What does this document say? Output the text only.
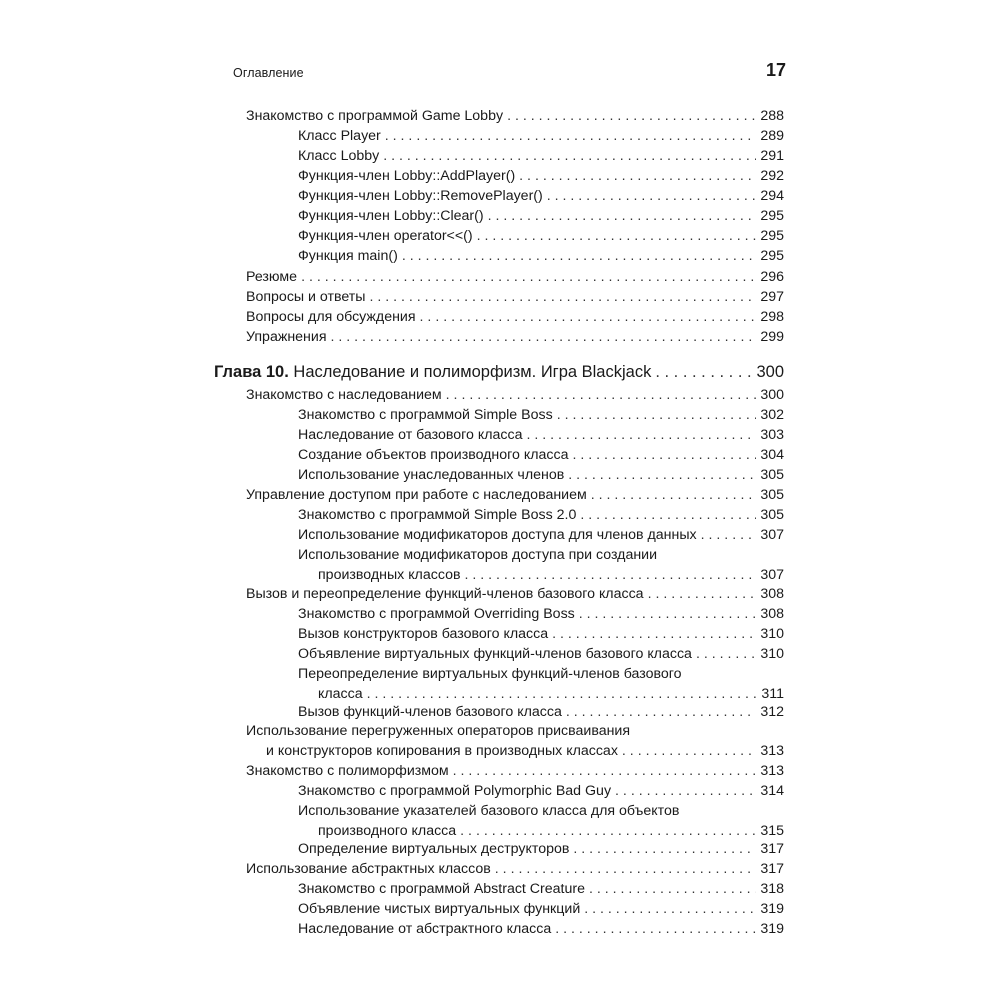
Оглавление	17
Знакомство с программой Game Lobby . . .	288
Класс Player . . .	289
Класс Lobby . . .	291
Функция-член Lobby::AddPlayer() . . .	292
Функция-член Lobby::RemovePlayer() . . .	294
Функция-член Lobby::Clear() . . .	295
Функция-член operator<<() . . .	295
Функция main() . . .	295
Резюме . . .	296
Вопросы и ответы . . .	297
Вопросы для обсуждения . . .	298
Упражнения . . .	299
Глава 10. Наследование и полиморфизм. Игра Blackjack . . .	300
Знакомство с наследованием . . .	300
Знакомство с программой Simple Boss . . .	302
Наследование от базового класса . . .	303
Создание объектов производного класса . . .	304
Использование унаследованных членов . . .	305
Управление доступом при работе с наследованием . . .	305
Знакомство с программой Simple Boss 2.0 . . .	305
Использование модификаторов доступа для членов данных . . .	307
Использование модификаторов доступа при создании
производных классов . . .	307
Вызов и переопределение функций-членов базового класса . . .	308
Знакомство с программой Overriding Boss . . .	308
Вызов конструкторов базового класса . . .	310
Объявление виртуальных функций-членов базового класса . . .	310
Переопределение виртуальных функций-членов базового
класса . . .	311
Вызов функций-членов базового класса . . .	312
Использование перегруженных операторов присваивания
и конструкторов копирования в производных классах . . .	313
Знакомство с полиморфизмом . . .	313
Знакомство с программой Polymorphic Bad Guy . . .	314
Использование указателей базового класса для объектов
производного класса . . .	315
Определение виртуальных деструкторов . . .	317
Использование абстрактных классов . . .	317
Знакомство с программой Abstract Creature . . .	318
Объявление чистых виртуальных функций . . .	319
Наследование от абстрактного класса . . .	319
